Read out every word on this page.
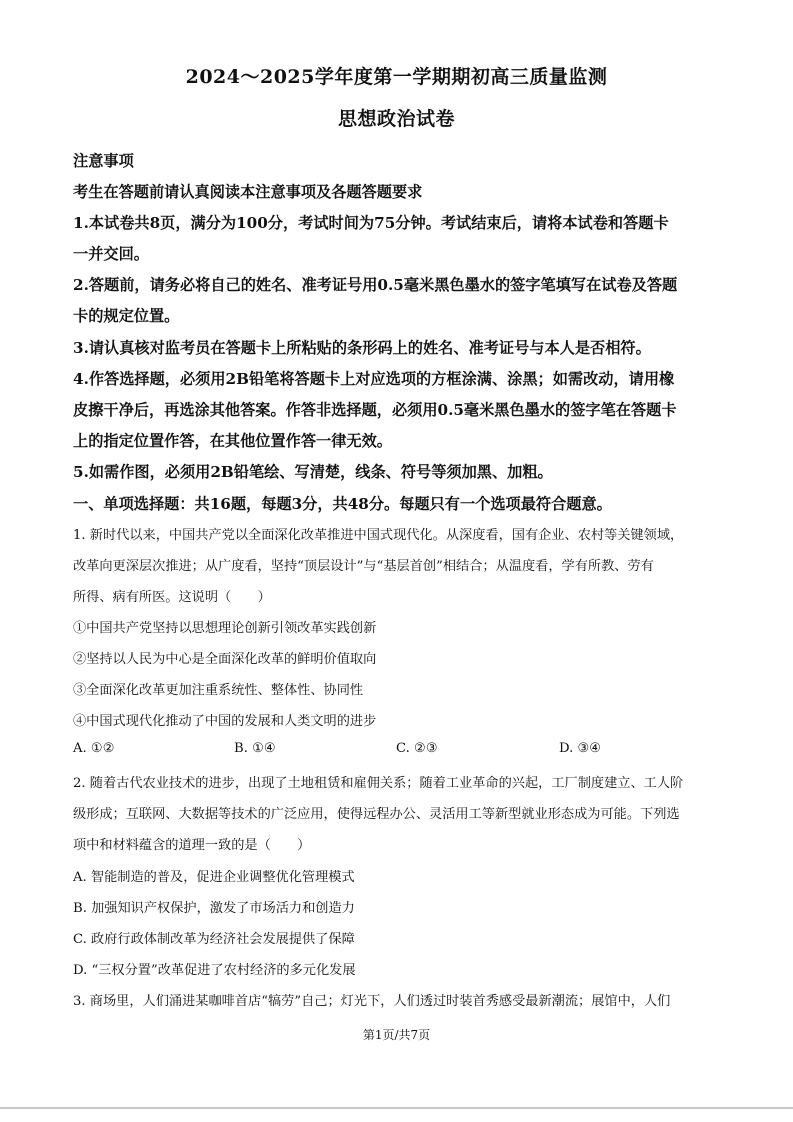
2024～2025学年度第一学期期初高三质量监测
思想政治试卷
注意事项
考生在答题前请认真阅读本注意事项及各题答题要求
1.本试卷共8页，满分为100分，考试时间为75分钟。考试结束后，请将本试卷和答题卡
一并交回。
2.答题前，请务必将自己的姓名、准考证号用0.5毫米黑色墨水的签字笔填写在试卷及答题
卡的规定位置。
3.请认真核对监考员在答题卡上所粘贴的条形码上的姓名、准考证号与本人是否相符。
4.作答选择题，必须用2B铅笔将答题卡上对应选项的方框涂满、涂黑；如需改动，请用橡
皮擦干净后，再选涂其他答案。作答非选择题，必须用0.5毫米黑色墨水的签字笔在答题卡
上的指定位置作答，在其他位置作答一律无效。
5.如需作图，必须用2B铅笔绘、写清楚，线条、符号等须加黑、加粗。
一、单项选择题：共16题，每题3分，共48分。每题只有一个选项最符合题意。
1. 新时代以来，中国共产党以全面深化改革推进中国式现代化。从深度看，国有企业、农村等关键领域，
改革向更深层次推进；从广度看，坚持“顶层设计”与“基层首创”相结合；从温度看，学有所教、劳有
所得、病有所医。这说明（　　）
①中国共产党坚持以思想理论创新引领改革实践创新
②坚持以人民为中心是全面深化改革的鲜明价值取向
③全面深化改革更加注重系统性、整体性、协同性
④中国式现代化推动了中国的发展和人类文明的进步
A. ①②	B. ①④	C. ②③	D. ③④
2. 随着古代农业技术的进步，出现了土地租赁和雇佣关系；随着工业革命的兴起，工厂制度建立、工人阶
级形成；互联网、大数据等技术的广泛应用，使得远程办公、灵活用工等新型就业形态成为可能。下列选
项中和材料蕴含的道理一致的是（　　）
A. 智能制造的普及，促进企业调整优化管理模式
B. 加强知识产权保护，激发了市场活力和创造力
C. 政府行政体制改革为经济社会发展提供了保障
D. “三权分置”改革促进了农村经济的多元化发展
3. 商场里，人们涌进某咖啡首店“犒劳”自己；灯光下，人们透过时装首秀感受最新潮流；展馆中，人们
第1页/共7页
